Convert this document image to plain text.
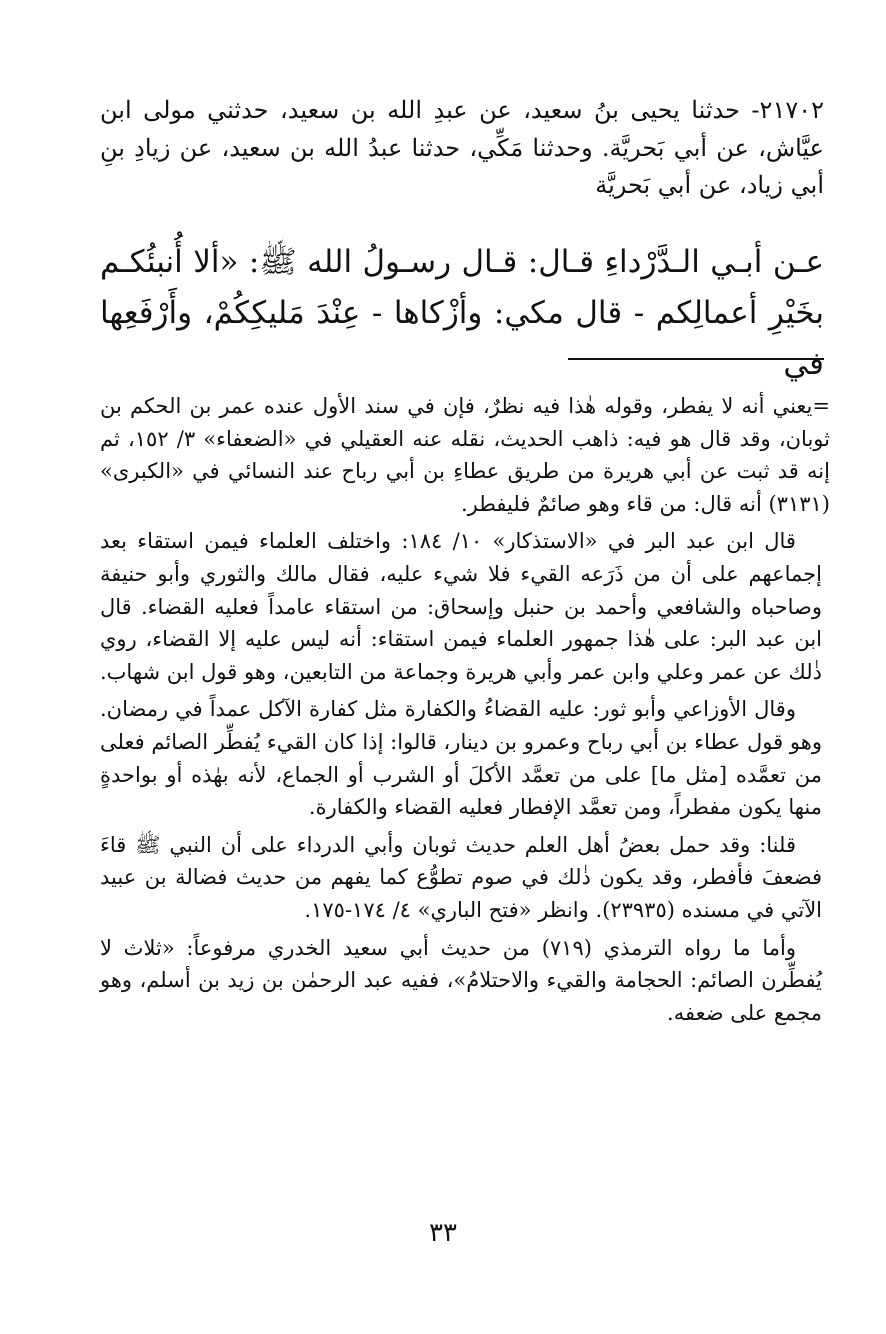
٢١٧٠٢- حدثنا يحيى بنُ سعيد، عن عبدِ الله بن سعيد، حدثني مولى ابن عيَّاش، عن أبي بَحريَّة. وحدثنا مَكِّي، حدثنا عبدُ الله بن سعيد، عن زيادِ بنِ أبي زياد، عن أبي بَحريَّة

عـن أبـي الـدَّرْداءِ قـال: قـال رسـولُ الله ﷺ: «ألا أُنبئُكـم بخَيْرِ أعمالِكم - قال مكي: وأزْكاها - عِنْدَ مَليكِكُمْ، وأَرْفَعِها في

=يعني أنه لا يفطر، وقوله هٰذا فيه نظرٌ، فإن في سند الأول عنده عمر بن الحكم بن ثوبان، وقد قال هو فيه: ذاهب الحديث، نقله عنه العقيلي في «الضعفاء» ٣/ ١٥٢، ثم إنه قد ثبت عن أبي هريرة من طريق عطاءِ بن أبي رباح عند النسائي في «الكبرى» (٣١٣١) أنه قال: من قاء وهو صائمٌ فليفطر.

قال ابن عبد البر في «الاستذكار» ١٠/ ١٨٤: واختلف العلماء فيمن استقاء بعد إجماعهم على أن من ذَرَعه القيء فلا شيء عليه، فقال مالك والثوري وأبو حنيفة وصاحباه والشافعي وأحمد بن حنبل وإسحاق: من استقاء عامداً فعليه القضاء. قال ابن عبد البر: على هٰذا جمهور العلماء فيمن استقاء: أنه ليس عليه إلا القضاء، روي ذٰلك عن عمر وعلي وابن عمر وأبي هريرة وجماعة من التابعين، وهو قول ابن شهاب.

وقال الأوزاعي وأبو ثور: عليه القضاءُ والكفارة مثل كفارة الآكل عمداً في رمضان. وهو قول عطاء بن أبي رباح وعمرو بن دينار، قالوا: إذا كان القيء يُفطِّر الصائم فعلى من تعمَّده [مثل ما] على من تعمَّد الأكلَ أو الشرب أو الجماع، لأنه بهٰذه أو بواحدةٍ منها يكون مفطراً، ومن تعمَّد الإفطار فعليه القضاء والكفارة.

قلنا: وقد حمل بعضُ أهل العلم حديث ثوبان وأبي الدرداء على أن النبي ﷺ قاءَ فضعفَ فأفطر، وقد يكون ذٰلك في صوم تطوُّع كما يفهم من حديث فضالة بن عبيد الآتي في مسنده (٢٣٩٣٥). وانظر «فتح الباري» ٤/ ١٧٤-١٧٥.

وأما ما رواه الترمذي (٧١٩) من حديث أبي سعيد الخدري مرفوعاً: «ثلاث لا يُفطِّرن الصائم: الحجامة والقيء والاحتلامُ»، ففيه عبد الرحمٰن بن زيد بن أسلم، وهو مجمع على ضعفه.

٣٣
